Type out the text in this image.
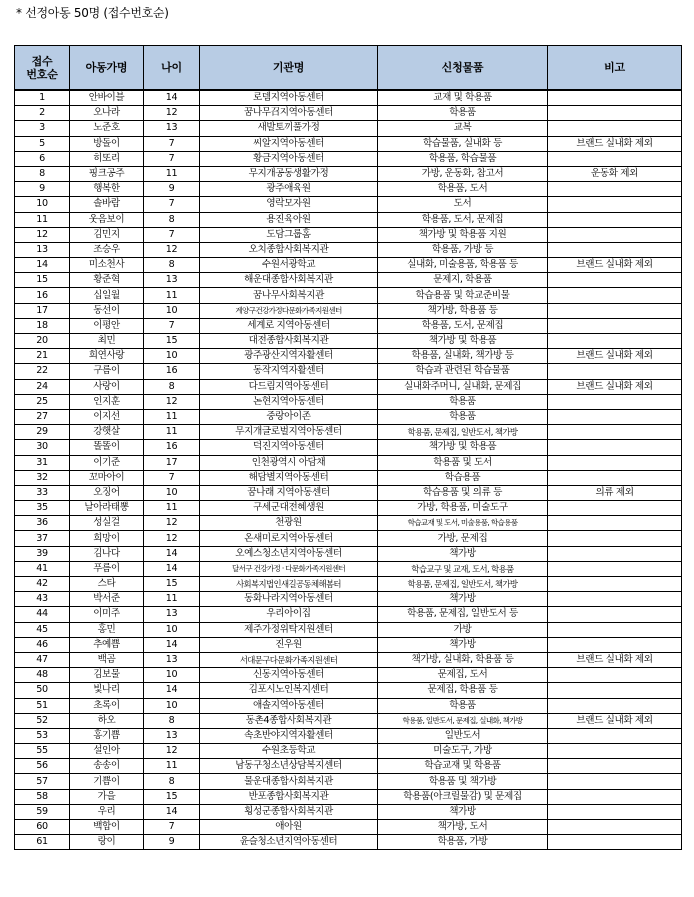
* 선정아동 50명 (접수번호순)
접수
번호순	아동가명	나이	기관명	신청물품	비고
1	안바이블	14	로뎀지역아동센터	교재 및 학용품	
2	오나라	12	꿈나무召지역아동센터	학용품	
3	노준호	13	새발토끼풀가정	교복	
5	방돌이	7	씨알지역아동센터	학습물품, 실내화 등	브랜드 실내화 제외
6	히또리	7	황금지역아동센터	학용품, 학습물품	
8	핑크공주	11	무지개공동생활가정	가방, 운동화, 참고서	운동화 제외
9	행복한	9	광주애육원	학용품, 도서	
10	솔바람	7	영락모자원	도서	
11	웃음보이	8	용진육아원	학용품, 도서, 문제집	
12	김민지	7	도담그룹홈	책가방 및 학용품 지원	
13	조승우	12	오치종합사회복지관	학용품, 가방 등	
14	미소천사	8	수원서광학교	실내화, 미술용품, 학용품 등	브랜드 실내화 제외
15	황준혁	13	해운대종합사회복지관	문제지, 학용품	
16	십일월	11	꿈나무사회복지관	학습용품 및 학교준비물	
17	동선이	10	계양구건강가정다문화가족지원센터	책가방, 학용품 등	
18	이평안	7	세계로 지역아동센터	학용품, 도서, 문제집	
20	최민	15	대전종합사회복지관	책가방 및 학용품	
21	희연사랑	10	광주광산지역자활센터	학용품, 실내화, 책가방 등	브랜드 실내화 제외
22	구름이	16	동작지역자활센터	학습과 관련된 학습물품	
24	사랑이	8	다드림지역아동센터	실내화주머니, 실내화, 문제집	브랜드 실내화 제외
25	인지훈	12	논현지역아동센터	학용품	
27	이지선	11	중랑아이존	학용품	
29	강햇살	11	무지개글로벌지역아동센터	학용품, 문제집, 일반도서, 책가방	
30	똘똘이	16	덕진지역아동센터	책가방 및 학용품	
31	이기준	17	인천광역시 아담채	학용품 및 도서	
32	꼬마아이	7	해담별지역아동센터	학습용품	
33	오징어	10	꿈나래 지역아동센터	학습용품 및 의류 등	의류 제외
35	날아라태뽕	11	구세군대전혜생원	가방, 학용품, 미술도구	
36	성실걸	12	천광원	학습교재 및 도서, 미술용품, 학습용품	
37	희망이	12	온새미로지역아동센터	가방, 문제집	
39	김나다	14	오예스청소년지역아동센터	책가방	
41	푸름이	14	달서구 건강가정 · 다문화가족지원센터	학습교구 및 교재, 도서, 학용품	
42	스타	15	사회복지법인새길공동체해봄터	학용품, 문제집, 일반도서, 책가방	
43	박서준	11	동화나라지역아동센터	책가방	
44	이미주	13	우리아이집	학용품, 문제집, 일반도서 등	
45	홍민	10	제주가정위탁지원센터	가방	
46	추예쁨	14	진우원	책가방	
47	백곰	13	서대문구다문화가족지원센터	책가방, 실내화, 학용품 등	브랜드 실내화 제외
48	김보물	10	신동지역아동센터	문제집, 도서	
50	빛나리	14	김포시노인복지센터	문제집, 학용품 등	
51	초록이	10	애솔지역아동센터	학용품	
52	하오	8	동촌4종합사회복지관	학용품, 일반도서, 문제집, 실내화, 책가방	브랜드 실내화 제외
53	홍기쁨	13	속초반야지역자활센터	일반도서	
55	설인아	12	수원초등학교	미술도구, 가방	
56	송송이	11	남동구청소년상담복지센터	학습교재 및 학용품	
57	기쁨이	8	물운대종합사회복지관	학용품 및 책가방	
58	가을	15	반포종합사회복지관	학용품(아크릴물감) 및 문제집	
59	우리	14	횡성군종합사회복지관	책가방	
60	백합이	7	애아원	책가방, 도서	
61	랑이	9	윤슬청소년지역아동센터	학용품, 가방	
